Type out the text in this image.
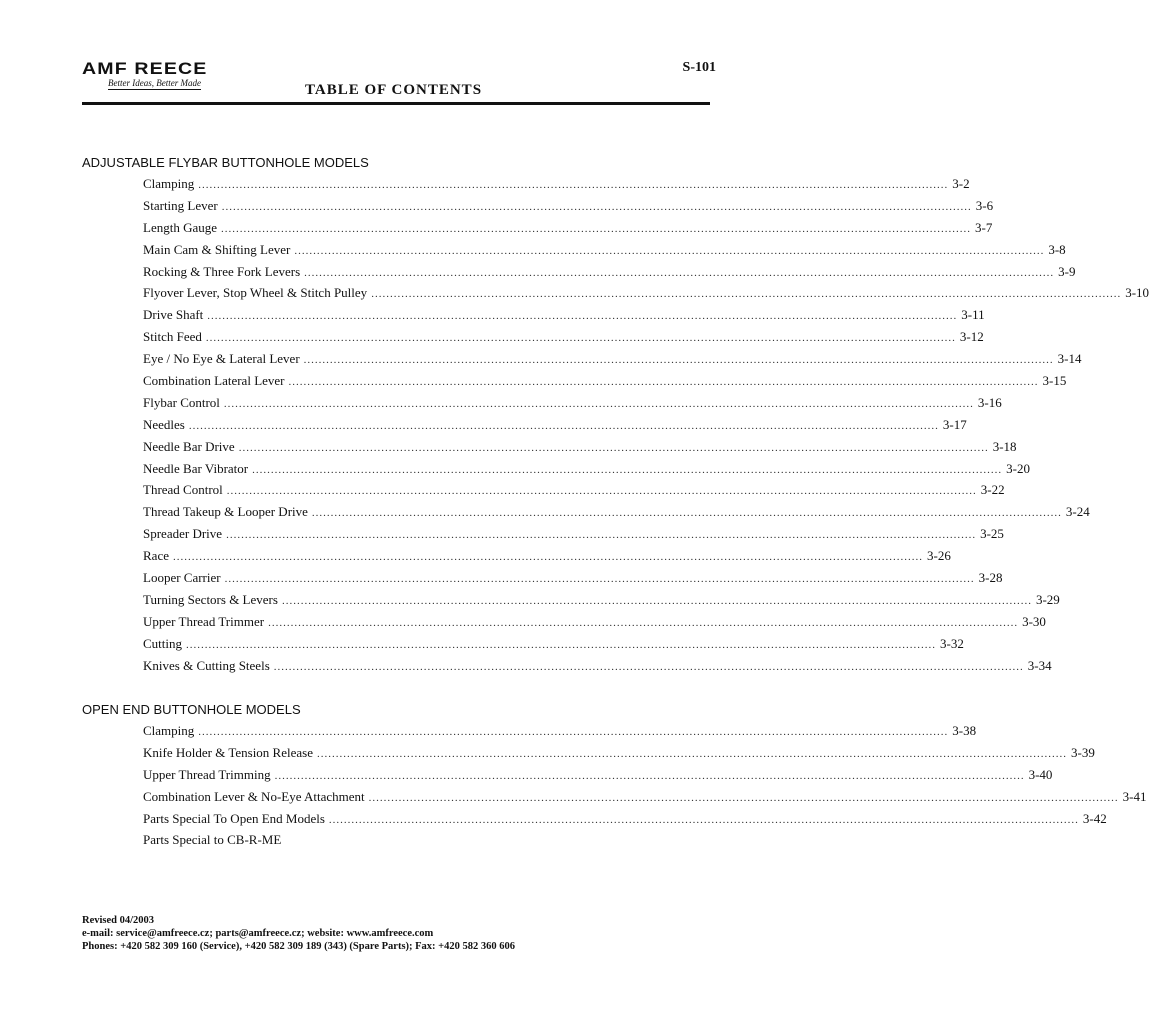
AMF REECE
Better Ideas, Better Made
S-101
TABLE OF CONTENTS
ADJUSTABLE FLYBAR BUTTONHOLE MODELS
Clamping ........................................................................................................................................................................................................ 3-2
Starting Lever ........................................................................................................................................................................................................ 3-6
Length Gauge ........................................................................................................................................................................................................ 3-7
Main Cam & Shifting Lever ........................................................................................................................................................................................................ 3-8
Rocking & Three Fork Levers ........................................................................................................................................................................................................ 3-9
Flyover Lever, Stop Wheel & Stitch Pulley ........................................................................................................................................................................................................ 3-10
Drive Shaft ........................................................................................................................................................................................................ 3-11
Stitch Feed ........................................................................................................................................................................................................ 3-12
Eye / No Eye & Lateral Lever ........................................................................................................................................................................................................ 3-14
Combination Lateral Lever ........................................................................................................................................................................................................ 3-15
Flybar Control ........................................................................................................................................................................................................ 3-16
Needles ........................................................................................................................................................................................................ 3-17
Needle Bar Drive ........................................................................................................................................................................................................ 3-18
Needle Bar Vibrator ........................................................................................................................................................................................................ 3-20
Thread Control ........................................................................................................................................................................................................ 3-22
Thread Takeup & Looper Drive ........................................................................................................................................................................................................ 3-24
Spreader Drive ........................................................................................................................................................................................................ 3-25
Race ........................................................................................................................................................................................................ 3-26
Looper Carrier ........................................................................................................................................................................................................ 3-28
Turning Sectors & Levers ........................................................................................................................................................................................................ 3-29
Upper Thread Trimmer ........................................................................................................................................................................................................ 3-30
Cutting ........................................................................................................................................................................................................ 3-32
Knives & Cutting Steels ........................................................................................................................................................................................................ 3-34
OPEN END BUTTONHOLE MODELS
Clamping ........................................................................................................................................................................................................ 3-38
Knife Holder & Tension Release ........................................................................................................................................................................................................ 3-39
Upper Thread Trimming ........................................................................................................................................................................................................ 3-40
Combination Lever & No-Eye Attachment ........................................................................................................................................................................................................ 3-41
Parts Special To Open End Models ........................................................................................................................................................................................................ 3-42
Parts Special to CB-R-ME
Revised 04/2003
e-mail: service@amfreece.cz; parts@amfreece.cz; website: www.amfreece.com
Phones: +420 582 309 160 (Service), +420 582 309 189 (343) (Spare Parts); Fax: +420 582 360 606
